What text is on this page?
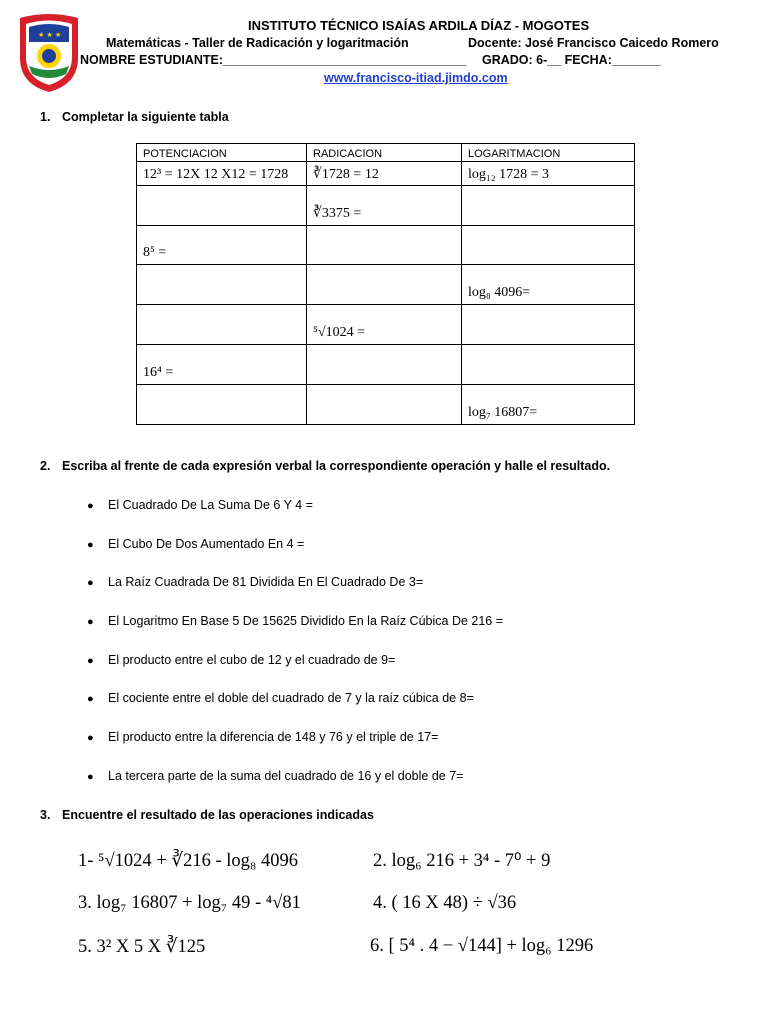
★ ★ ★
INSTITUTO TÉCNICO ISAÍAS ARDILA DÍAZ - MOGOTES
Matemáticas - Taller de Radicación y logaritmación	Docente: José Francisco Caicedo Romero
NOMBRE ESTUDIANTE:___________________________________ GRADO: 6-__ FECHA:_______
www.francisco-itiad.jimdo.com
1. Completar la siguiente tabla
POTENCIACION	RADICACION	LOGARITMACION
12³ = 12X 12 X12 = 1728	∛1728 = 12	log₁₂ 1728 = 3
	∛3375 =	
8⁵ =		
		log₈ 4096=
	⁵√1024 =	
16⁴ =		
		log₇ 16807=
2. Escriba al frente de cada expresión verbal la correspondiente operación y halle el resultado.
● El Cuadrado De La Suma De 6 Y 4 =
● El Cubo De Dos Aumentado En 4 =
● La Raíz Cuadrada De 81 Dividida En El Cuadrado De 3=
● El Logaritmo En Base 5 De 15625 Dividido En la Raíz Cúbica De 216 =
● El producto entre el cubo de 12 y el cuadrado de 9=
● El cociente entre el doble del cuadrado de 7 y la raíz cúbica de 8=
● El producto entre la diferencia de 148 y 76 y el triple de 17=
● La tercera parte de la suma del cuadrado de 16 y el doble de 7=
3. Encuentre el resultado de las operaciones indicadas
1- ⁵√1024 + ∛216 - log₈ 4096	2. log₆ 216 + 3⁴ - 7⁰ + 9
3. log₇ 16807 + log₇ 49 - ⁴√81	4. ( 16 X 48) ÷ √36
5. 3² X 5 X ∛125	6. [ 5⁴ . 4 − √144] + log₆ 1296
